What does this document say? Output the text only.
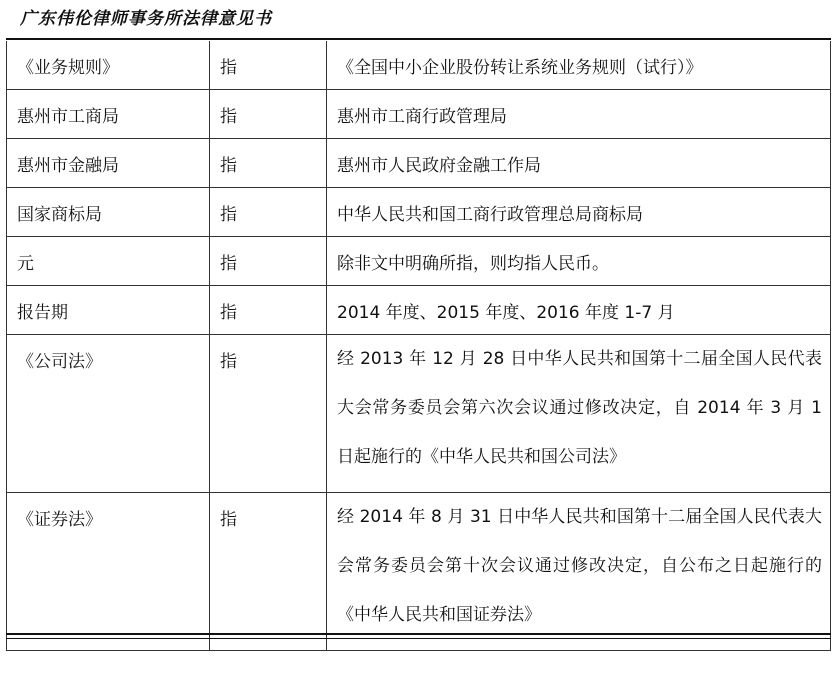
广东伟伦律师事务所法律意见书
《业务规则》	指	《全国中小企业股份转让系统业务规则（试行）》
惠州市工商局	指	惠州市工商行政管理局
惠州市金融局	指	惠州市人民政府金融工作局
国家商标局	指	中华人民共和国工商行政管理总局商标局
元	指	除非文中明确所指，则均指人民币。
报告期	指	2014 年度、2015 年度、2016 年度 1-7 月
《公司法》	指	经 2013 年 12 月 28 日中华人民共和国第十二届全国人民代表大会常务委员会第六次会议通过修改决定，自 2014 年 3 月 1 日起施行的《中华人民共和国公司法》

《证券法》	指	经 2014 年 8 月 31 日中华人民共和国第十二届全国人民代表大会常务委员会第十次会议通过修改决定，自公布之日起施行的《中华人民共和国证券法》
